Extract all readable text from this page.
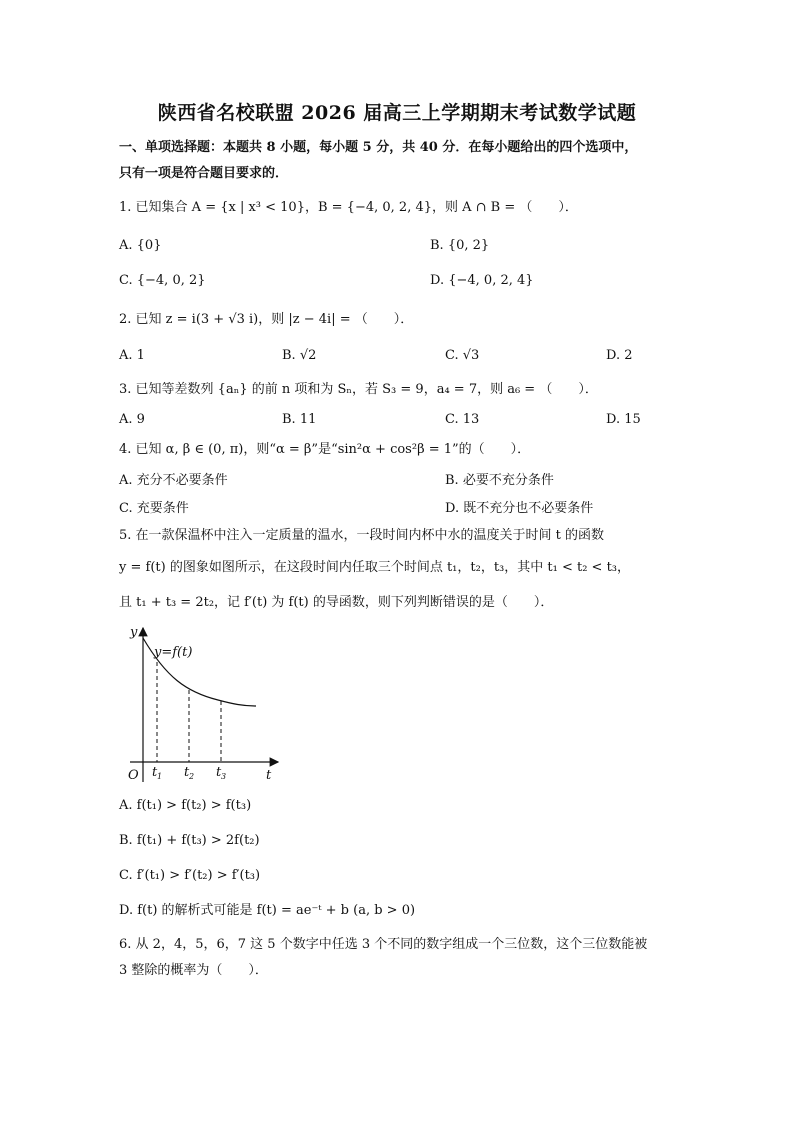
陕西省名校联盟 2026 届高三上学期期末考试数学试题
一、单项选择题：本题共 8 小题，每小题 5 分，共 40 分．在每小题给出的四个选项中，
只有一项是符合题目要求的．
1. 已知集合 A = {x | x³ < 10}，B = {−4, 0, 2, 4}，则 A ∩ B = （　　）．
A. {0}	B. {0, 2}
C. {−4, 0, 2}	D. {−4, 0, 2, 4}
2. 已知 z = i(3 + √3 i)，则 |z − 4i| = （　　）．
A. 1	B. √2	C. √3	D. 2
3. 已知等差数列 {aₙ} 的前 n 项和为 Sₙ，若 S₃ = 9，a₄ = 7，则 a₆ = （　　）．
A. 9	B. 11	C. 13	D. 15
4. 已知 α, β ∈ (0, π)，则“α = β”是“sin²α + cos²β = 1”的（　　）．
A. 充分不必要条件	B. 必要不充分条件
C. 充要条件	D. 既不充分也不必要条件
5. 在一款保温杯中注入一定质量的温水，一段时间内杯中水的温度关于时间 t 的函数
y = f(t) 的图象如图所示，在这段时间内任取三个时间点 t₁，t₂，t₃，其中 t₁ < t₂ < t₃，
且 t₁ + t₃ = 2t₂，记 f′(t) 为 f(t) 的导函数，则下列判断错误的是（　　）．
y
t
O
y=f(t)
t 1 t 2 t 3
A. f(t₁) > f(t₂) > f(t₃)
B. f(t₁) + f(t₃) > 2f(t₂)
C. f′(t₁) > f′(t₂) > f′(t₃)
D. f(t) 的解析式可能是 f(t) = ae⁻ᵗ + b (a, b > 0)
6. 从 2，4，5，6，7 这 5 个数字中任选 3 个不同的数字组成一个三位数，这个三位数能被
3 整除的概率为（　　）．
